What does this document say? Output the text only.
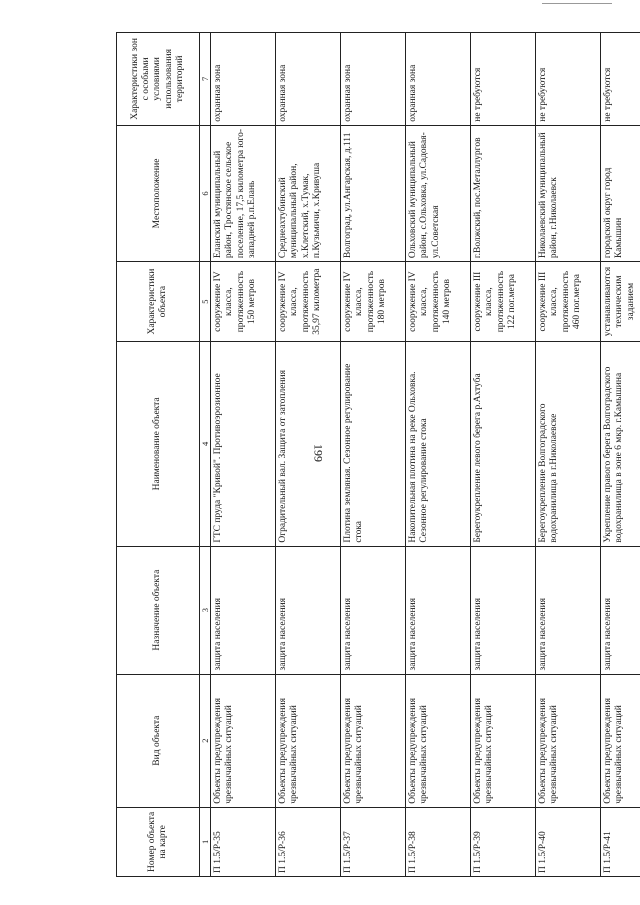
199
Номер объекта на карте	Вид объекта	Назначение объекта	Наименование объекта	Характеристики объекта	Местоположение	Характеристики зон с особыми условиями использования территорий
1	2	3	4	5	6	7
П 1.5/Р-35	Объекты предупреждения чрезвычайных ситуаций	защита населения	ГТС пруда "Кривой". Противоэрозионное	сооружение IV класса, протяженность 150 метров	Еланский муниципальный район, Тростянское сельское поселение, 17,5 километра юго-западней р.п.Елань	охранная зона
П 1.5/Р-36	Объекты предупреждения чрезвычайных ситуаций	защита населения	Оградительный вал. Защита от затопления	сооружение IV класса, протяженность 35,97 километра	Среднеахтубинский муниципальный район, х.Клетский, х.Тумак, п.Кузьмичи, х.Кривуша	охранная зона
П 1.5/Р-37	Объекты предупреждения чрезвычайных ситуаций	защита населения	Плотина земляная. Сезонное регулирование стока	сооружение IV класса, протяженность 180 метров	Волгоград, ул.Ангарская, д.111	охранная зона
П 1.5/Р-38	Объекты предупреждения чрезвычайных ситуаций	защита населения	Накопительная плотина на реке Ольховка. Сезонное регулирование стока	сооружение IV класса, протяженность 140 метров	Ольховский муниципальный район, с.Ольховка, ул.Садовая-ул.Советская	охранная зона
П 1.5/Р-39	Объекты предупреждения чрезвычайных ситуаций	защита населения	Берегоукрепление левого берега р.Ахтуба	сооружение III класса, протяженность 122 пог.метра	г.Волжский, пос.Металлургов	не требуются
П 1.5/Р-40	Объекты предупреждения чрезвычайных ситуаций	защита населения	Берегоукрепление Волгоградского водохранилища в г.Николаевске	сооружение III класса, протяженность 460 пог.метра	Николаевский муниципальный район, г.Николаевск	не требуются
П 1.5/Р-41	Объекты предупреждения чрезвычайных ситуаций	защита населения	Укрепление правого берега Волгоградского водохранилища в зоне 6 мкр. г.Камышина	устанавливаются техническим заданием	городской округ город Камышин	не требуются
